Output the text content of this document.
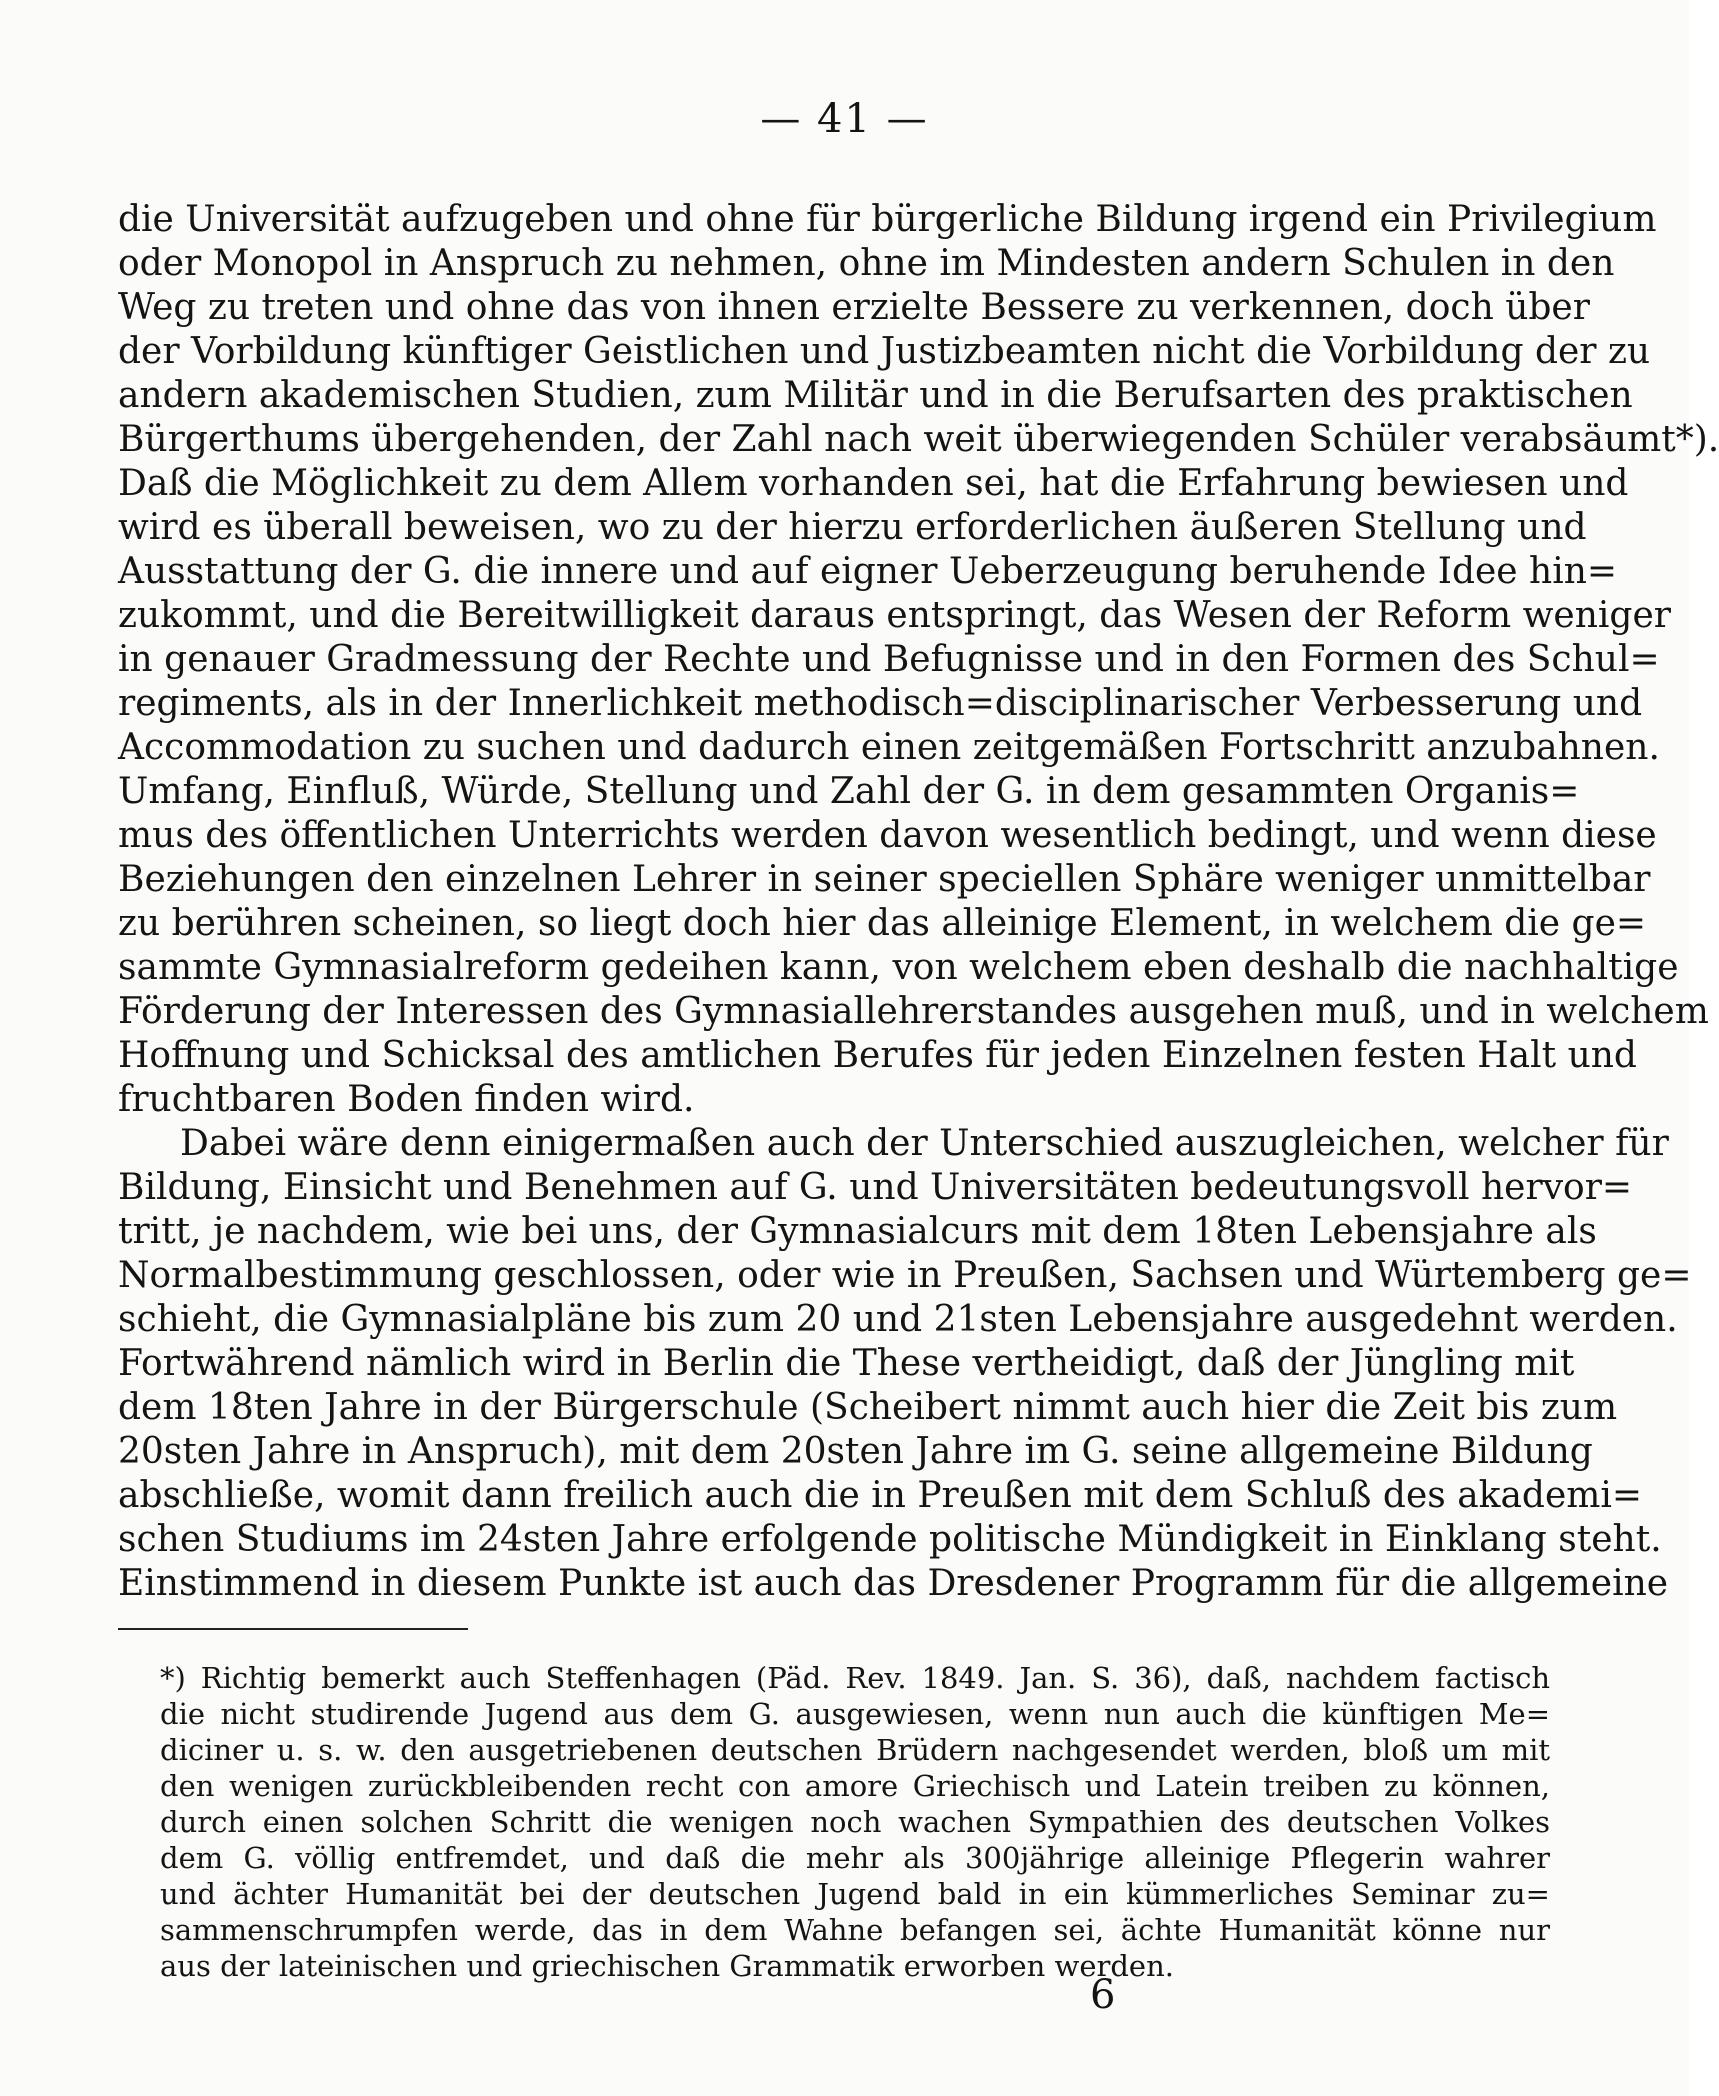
— 41 —
die Universität aufzugeben und ohne für bürgerliche Bildung irgend ein Privilegium
oder Monopol in Anspruch zu nehmen, ohne im Mindesten andern Schulen in den
Weg zu treten und ohne das von ihnen erzielte Bessere zu verkennen, doch über
der Vorbildung künftiger Geistlichen und Justizbeamten nicht die Vorbildung der zu
andern akademischen Studien, zum Militär und in die Berufsarten des praktischen
Bürgerthums übergehenden, der Zahl nach weit überwiegenden Schüler verabsäumt*).
Daß die Möglichkeit zu dem Allem vorhanden sei, hat die Erfahrung bewiesen und
wird es überall beweisen, wo zu der hierzu erforderlichen äußeren Stellung und
Ausstattung der G. die innere und auf eigner Ueberzeugung beruhende Idee hin=
zukommt, und die Bereitwilligkeit daraus entspringt, das Wesen der Reform weniger
in genauer Gradmessung der Rechte und Befugnisse und in den Formen des Schul=
regiments, als in der Innerlichkeit methodisch=disciplinarischer Verbesserung und
Accommodation zu suchen und dadurch einen zeitgemäßen Fortschritt anzubahnen.
Umfang, Einfluß, Würde, Stellung und Zahl der G. in dem gesammten Organis=
mus des öffentlichen Unterrichts werden davon wesentlich bedingt, und wenn diese
Beziehungen den einzelnen Lehrer in seiner speciellen Sphäre weniger unmittelbar
zu berühren scheinen, so liegt doch hier das alleinige Element, in welchem die ge=
sammte Gymnasialreform gedeihen kann, von welchem eben deshalb die nachhaltige
Förderung der Interessen des Gymnasiallehrerstandes ausgehen muß, und in welchem
Hoffnung und Schicksal des amtlichen Berufes für jeden Einzelnen festen Halt und
fruchtbaren Boden finden wird.
Dabei wäre denn einigermaßen auch der Unterschied auszugleichen, welcher für
Bildung, Einsicht und Benehmen auf G. und Universitäten bedeutungsvoll hervor=
tritt, je nachdem, wie bei uns, der Gymnasialcurs mit dem 18ten Lebensjahre als
Normalbestimmung geschlossen, oder wie in Preußen, Sachsen und Würtemberg ge=
schieht, die Gymnasialpläne bis zum 20 und 21sten Lebensjahre ausgedehnt werden.
Fortwährend nämlich wird in Berlin die These vertheidigt, daß der Jüngling mit
dem 18ten Jahre in der Bürgerschule (Scheibert nimmt auch hier die Zeit bis zum
20sten Jahre in Anspruch), mit dem 20sten Jahre im G. seine allgemeine Bildung
abschließe, womit dann freilich auch die in Preußen mit dem Schluß des akademi=
schen Studiums im 24sten Jahre erfolgende politische Mündigkeit in Einklang steht.
Einstimmend in diesem Punkte ist auch das Dresdener Programm für die allgemeine
*) Richtig bemerkt auch Steffenhagen (Päd. Rev. 1849. Jan. S. 36), daß, nachdem factisch
die nicht studirende Jugend aus dem G. ausgewiesen, wenn nun auch die künftigen Me=
diciner u. s. w. den ausgetriebenen deutschen Brüdern nachgesendet werden, bloß um mit
den wenigen zurückbleibenden recht con amore Griechisch und Latein treiben zu können,
durch einen solchen Schritt die wenigen noch wachen Sympathien des deutschen Volkes
dem G. völlig entfremdet, und daß die mehr als 300jährige alleinige Pflegerin wahrer
und ächter Humanität bei der deutschen Jugend bald in ein kümmerliches Seminar zu=
sammenschrumpfen werde, das in dem Wahne befangen sei, ächte Humanität könne nur
aus der lateinischen und griechischen Grammatik erworben werden.
6
